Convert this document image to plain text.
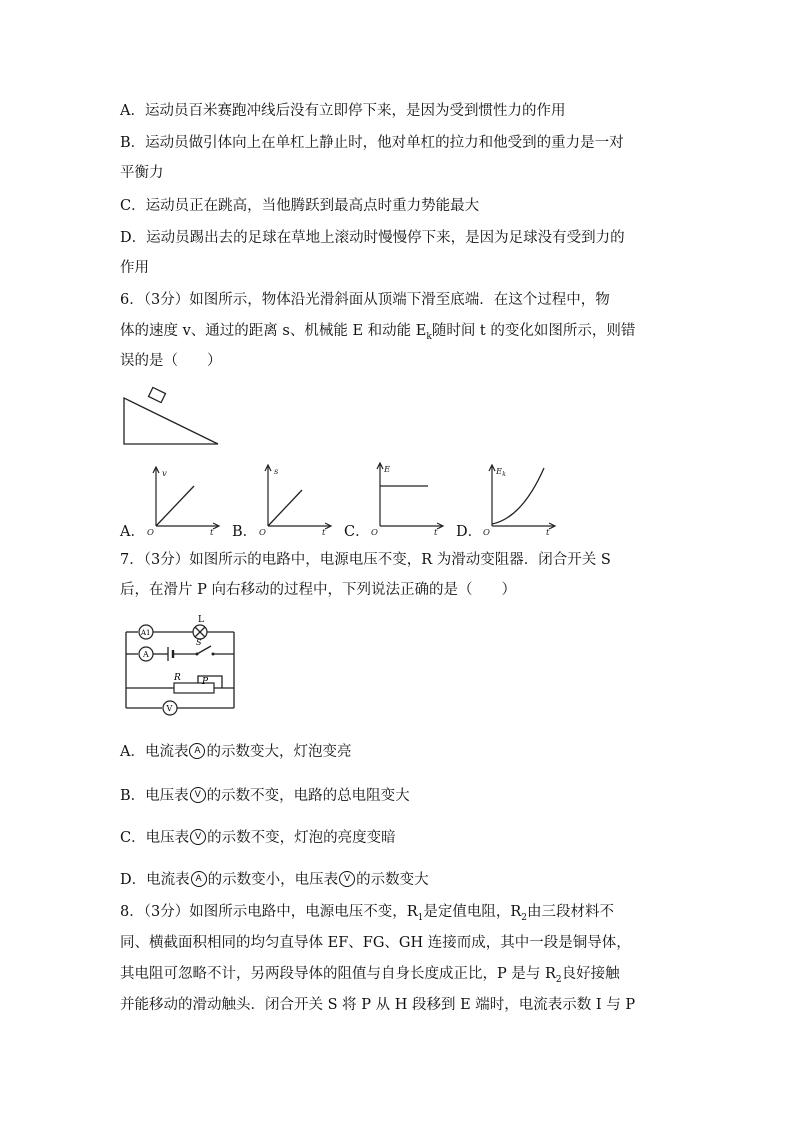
A．运动员百米赛跑冲线后没有立即停下来，是因为受到惯性力的作用
B．运动员做引体向上在单杠上静止时，他对单杠的拉力和他受到的重力是一对
平衡力
C．运动员正在跳高，当他腾跃到最高点时重力势能最大
D．运动员踢出去的足球在草地上滚动时慢慢停下来，是因为足球没有受到力的
作用
6．（3分）如图所示，物体沿光滑斜面从顶端下滑至底端．在这个过程中，物
体的速度 v、通过的距离 s、机械能 E 和动能 $E_k$随时间 t 的变化如图所示，则错
误的是（　　）
A．
v
t
O	B．
s
t
O	C．
E
t
O	D．
$E_k$
t
O
7．（3分）如图所示的电路中，电源电压不变，R 为滑动变阻器．闭合开关 S
后，在滑片 P 向右移动的过程中，下列说法正确的是（　　）
A1
L
A
S
R P
V
A．电流表 A 的示数变大，灯泡变亮
B．电压表 V 的示数不变，电路的总电阻变大
C．电压表 V 的示数不变，灯泡的亮度变暗
D．电流表 A 的示数变小，电压表 V 的示数变大
8．（3分）如图所示电路中，电源电压不变，$R_1$是定值电阻，$R_2$由三段材料不
同、横截面积相同的均匀直导体 EF、FG、GH 连接而成，其中一段是铜导体，
其电阻可忽略不计，另两段导体的阻值与自身长度成正比，P 是与 $R_2$良好接触
并能移动的滑动触头．闭合开关 S 将 P 从 H 段移到 E 端时，电流表示数 I 与 P
